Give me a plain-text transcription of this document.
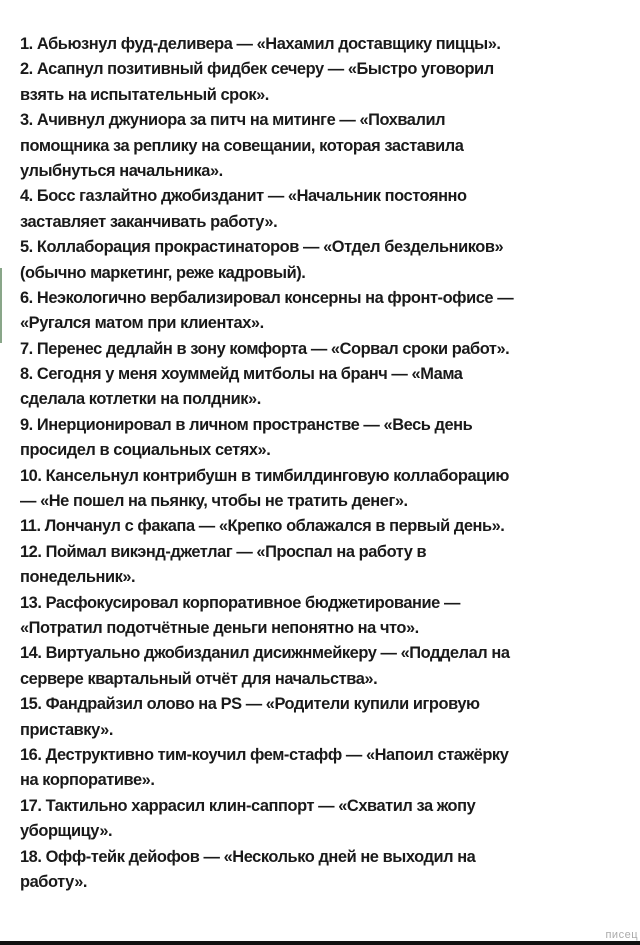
1. Абьюзнул фуд-деливера — «Нахамил доставщику пиццы».
2. Асапнул позитивный фидбек сечеру — «Быстро уговорил
взять на испытательный срок».
3. Ачивнул джуниора за питч на митинге — «Похвалил
помощника за реплику на совещании, которая заставила
улыбнуться начальника».
4. Босс газлайтно джобизданит — «Начальник постоянно
заставляет заканчивать работу».
5. Коллаборация прокрастинаторов — «Отдел бездельников»
(обычно маркетинг, реже кадровый).
6. Неэкологично вербализировал консерны на фронт-офисе —
«Ругался матом при клиентах».
7. Перенес дедлайн в зону комфорта — «Сорвал сроки работ».
8. Сегодня у меня хоуммейд митболы на бранч — «Мама
сделала котлетки на полдник».
9. Инерционировал в личном пространстве — «Весь день
просидел в социальных сетях».
10. Кансельнул контрибушн в тимбилдинговую коллаборацию
— «Не пошел на пьянку, чтобы не тратить денег».
11. Лончанул с факапа — «Крепко облажался в первый день».
12. Поймал викэнд-джетлаг — «Проспал на работу в
понедельник».
13. Расфокусировал корпоративное бюджетирование —
«Потратил подотчётные деньги непонятно на что».
14. Виртуально джобизданил дисижнмейкеру — «Подделал на
сервере квартальный отчёт для начальства».
15. Фандрайзил олово на PS — «Родители купили игровую
приставку».
16. Деструктивно тим-коучил фем-стафф — «Напоил стажёрку
на корпоративе».
17. Тактильно харрасил клин-саппорт — «Схватил за жопу
уборщицу».
18. Офф-тейк дейофов — «Несколько дней не выходил на
работу».
писец
